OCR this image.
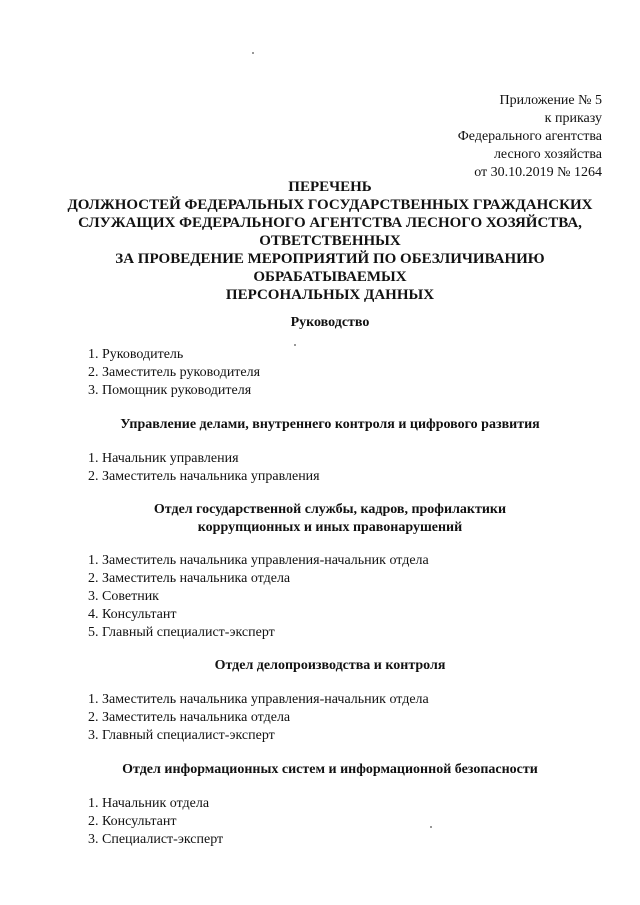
Приложение № 5
к приказу
Федерального агентства
лесного хозяйства
от 30.10.2019 № 1264
ПЕРЕЧЕНЬ
ДОЛЖНОСТЕЙ ФЕДЕРАЛЬНЫХ ГОСУДАРСТВЕННЫХ ГРАЖДАНСКИХ
СЛУЖАЩИХ ФЕДЕРАЛЬНОГО АГЕНТСТВА ЛЕСНОГО ХОЗЯЙСТВА,
ОТВЕТСТВЕННЫХ
ЗА ПРОВЕДЕНИЕ МЕРОПРИЯТИЙ ПО ОБЕЗЛИЧИВАНИЮ
ОБРАБАТЫВАЕМЫХ
ПЕРСОНАЛЬНЫХ ДАННЫХ
Руководство
1. Руководитель
2. Заместитель руководителя
3. Помощник руководителя
Управление делами, внутреннего контроля и цифрового развития
1. Начальник управления
2. Заместитель начальника управления
Отдел государственной службы, кадров, профилактики
коррупционных и иных правонарушений
1. Заместитель начальника управления-начальник отдела
2. Заместитель начальника отдела
3. Советник
4. Консультант
5. Главный специалист-эксперт
Отдел делопроизводства и контроля
1. Заместитель начальника управления-начальник отдела
2. Заместитель начальника отдела
3. Главный специалист-эксперт
Отдел информационных систем и информационной безопасности
1. Начальник отдела
2. Консультант
3. Специалист-эксперт
